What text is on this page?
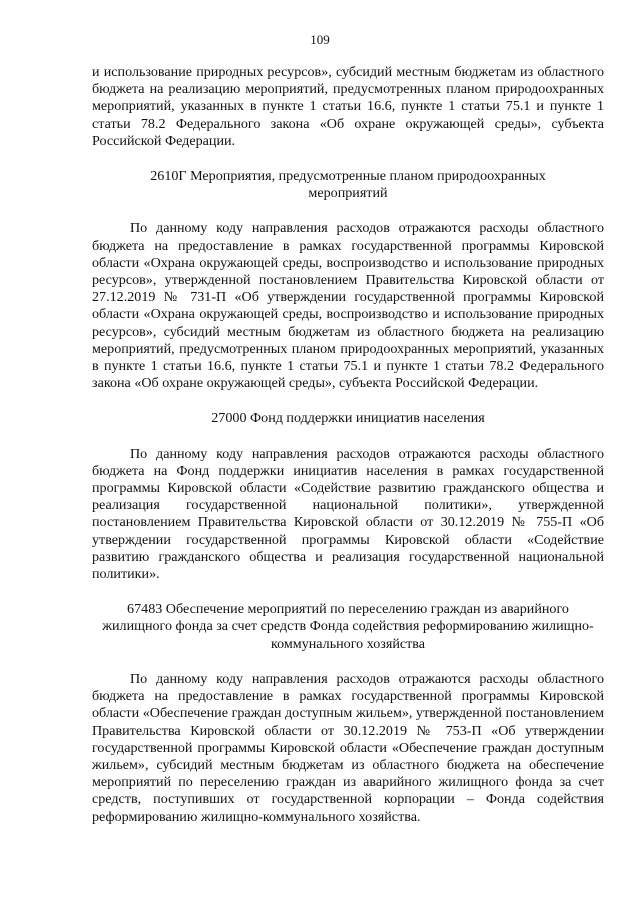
109

и использование природных ресурсов», субсидий местным бюджетам из областного бюджета на реализацию мероприятий, предусмотренных планом природоохранных мероприятий, указанных в пункте 1 статьи 16.6, пункте 1 статьи 75.1 и пункте 1 статьи 78.2 Федерального закона «Об охране окружающей среды», субъекта Российской Федерации.

2610Г Мероприятия, предусмотренные планом природоохранных мероприятий

По данному коду направления расходов отражаются расходы областного бюджета на предоставление в рамках государственной программы Кировской области «Охрана окружающей среды, воспроизводство и использование природных ресурсов», утвержденной постановлением Правительства Кировской области от 27.12.2019 № 731-П «Об утверждении государственной программы Кировской области «Охрана окружающей среды, воспроизводство и использование природных ресурсов», субсидий местным бюджетам из областного бюджета на реализацию мероприятий, предусмотренных планом природоохранных мероприятий, указанных в пункте 1 статьи 16.6, пункте 1 статьи 75.1 и пункте 1 статьи 78.2 Федерального закона «Об охране окружающей среды», субъекта Российской Федерации.

27000 Фонд поддержки инициатив населения

По данному коду направления расходов отражаются расходы областного бюджета на Фонд поддержки инициатив населения в рамках государственной программы Кировской области «Содействие развитию гражданского общества и реализация государственной национальной политики», утвержденной постановлением Правительства Кировской области от 30.12.2019 № 755-П «Об утверждении государственной программы Кировской области «Содействие развитию гражданского общества и реализация государственной национальной политики».

67483 Обеспечение мероприятий по переселению граждан из аварийного жилищного фонда за счет средств Фонда содействия реформированию жилищно-коммунального хозяйства

По данному коду направления расходов отражаются расходы областного бюджета на предоставление в рамках государственной программы Кировской области «Обеспечение граждан доступным жильем», утвержденной постановлением Правительства Кировской области от 30.12.2019 № 753-П «Об утверждении государственной программы Кировской области «Обеспечение граждан доступным жильем», субсидий местным бюджетам из областного бюджета на обеспечение мероприятий по переселению граждан из аварийного жилищного фонда за счет средств, поступивших от государственной корпорации – Фонда содействия реформированию жилищно-коммунального хозяйства.
